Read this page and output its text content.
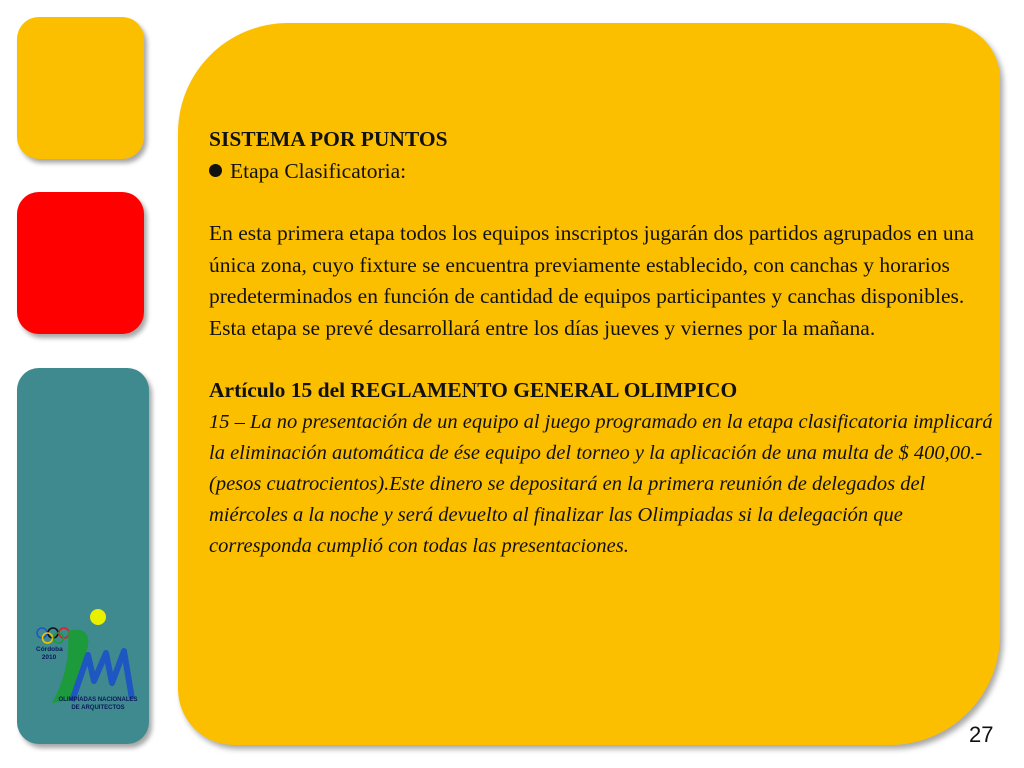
Córdoba
2010
OLIMPÍADAS NACIONALES
DE ARQUITECTOS

SISTEMA POR PUNTOS

Etapa Clasificatoria:

En esta primera etapa todos los equipos inscriptos jugarán dos partidos agrupados en una única zona, cuyo fixture se encuentra previamente establecido, con canchas y horarios predeterminados en función de cantidad de equipos participantes y canchas disponibles. Esta etapa se prevé desarrollará entre los días jueves y viernes por la mañana.

Artículo 15 del REGLAMENTO GENERAL OLIMPICO

15 – La no presentación de un equipo al juego programado en la etapa clasificatoria implicará la eliminación automática de ése equipo del torneo y la aplicación de una multa de $ 400,00.- (pesos cuatrocientos).Este dinero se depositará en la primera reunión de delegados del miércoles a la noche y será devuelto al finalizar las Olimpiadas si la delegación que corresponda cumplió con todas las presentaciones.

27
